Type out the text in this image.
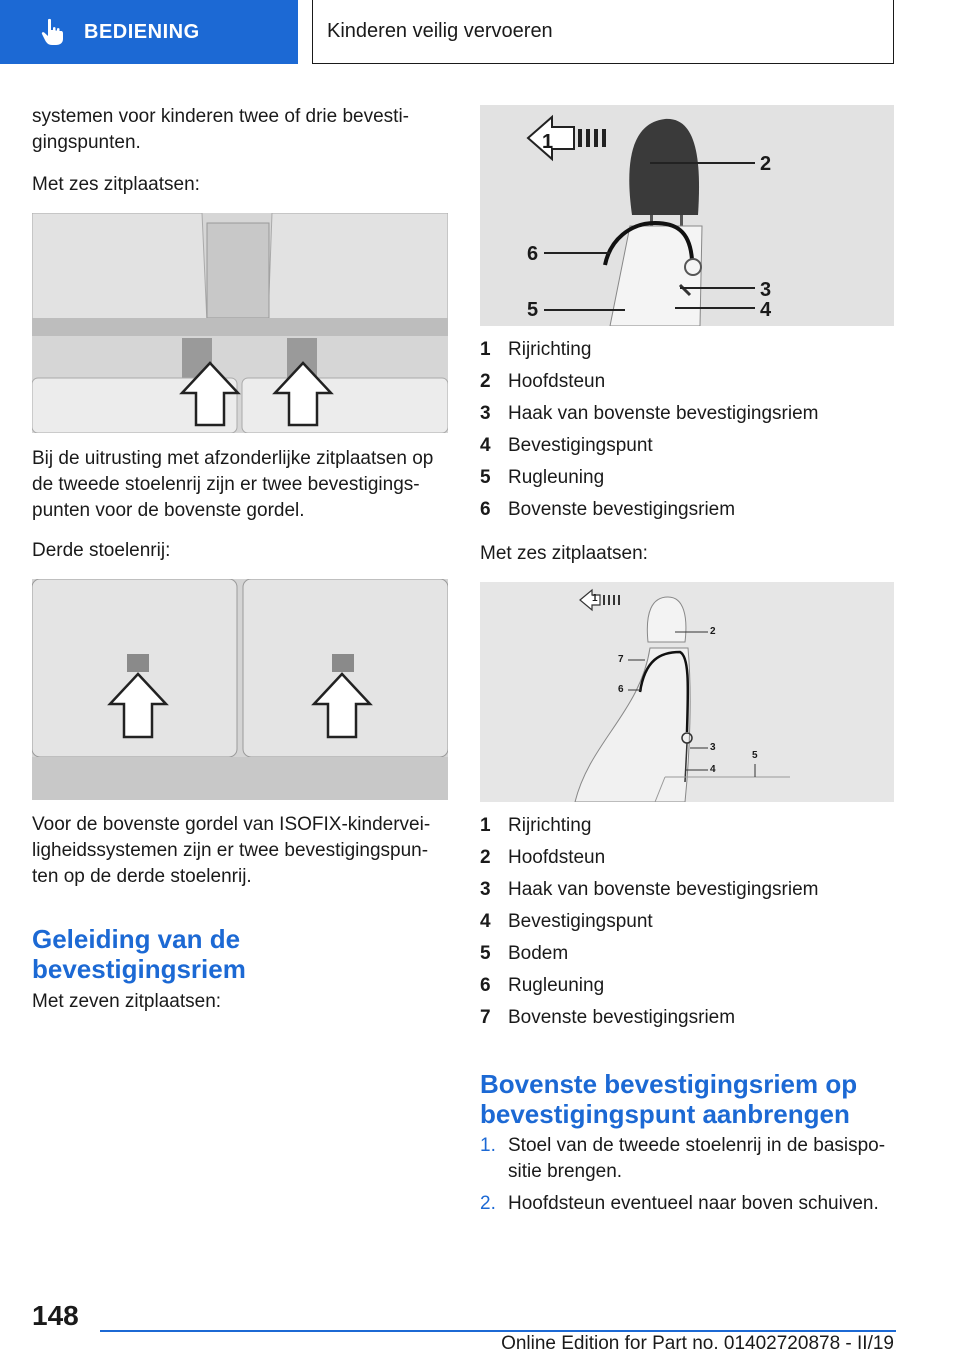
BEDIENING	Kinderen veilig vervoeren

systemen voor kinderen twee of drie bevesti-

gingspunten.

Met zes zitplaatsen:

Bij de uitrusting met afzonderlijke zitplaatsen op

de tweede stoelenrij zijn er twee bevestigings-

punten voor de bovenste gordel.

Derde stoelenrij:

Voor de bovenste gordel van ISOFIX-kindervei-

ligheidssystemen zijn er twee bevestigingspun-

ten op de derde stoelenrij.

Geleiding van de
bevestigingsriem

Met zeven zitplaatsen:

1
2
3
4
5
6
1 Rijrichting
2 Hoofdsteun
3 Haak van bovenste bevestigingsriem
4 Bevestigingspunt
5 Rugleuning
6 Bovenste bevestigingsriem

Met zes zitplaatsen:

1
2
3
4
5
6
7
1 Rijrichting
2 Hoofdsteun
3 Haak van bovenste bevestigingsriem
4 Bevestigingspunt
5 Bodem
6 Rugleuning
7 Bovenste bevestigingsriem
Bovenste bevestigingsriem op
bevestigingspunt aanbrengen
1. Stoel van de tweede stoelenrij in de basispo-
sitie brengen.
2. Hoofdsteun eventueel naar boven schuiven.
148
Online Edition for Part no. 01402720878 - II/19
